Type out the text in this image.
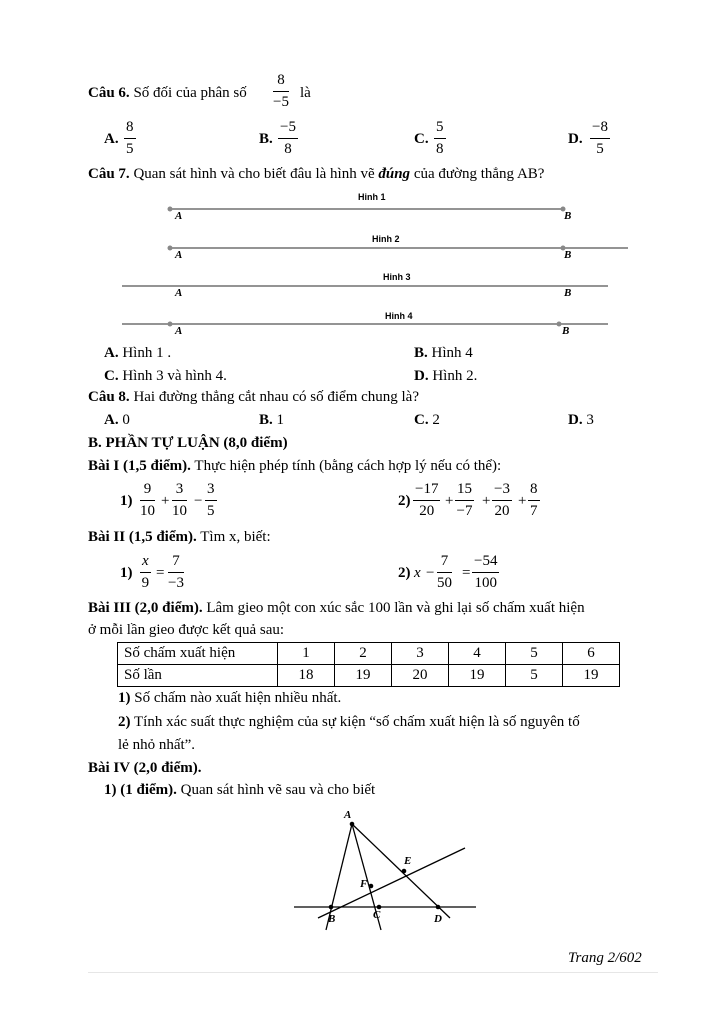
Câu 6. Số đối của phân số
8
−5
là
A.
8
5
B.
−5
8
C.
5
8
D.
−8
5
Câu 7. Quan sát hình và cho biết đâu là hình vẽ đúng của đường thẳng AB?
Hinh 1
A	B
Hinh 2
A	B
Hinh 3
A	B
Hinh 4
A	B
A. Hình 1 .	B. Hình 4
C. Hình 3 và hình 4.	D. Hình 2.
Câu 8. Hai đường thẳng cắt nhau có số điểm chung là?
A. 0	B. 1	C. 2	D. 3
B. PHẦN TỰ LUẬN (8,0 điểm)
Bài I (1,5 điểm). Thực hiện phép tính (bằng cách hợp lý nếu có thể):
1)
9
10
+
3
10
−
3
5
2)
−17
20
+
15
−7
+
−3
20
+
8
7
Bài II (1,5 điểm). Tìm x, biết:
1)
x
9
=
7
−3
2) x −
7
50
=
−54
100
Bài III (2,0 điểm). Lâm gieo một con xúc sắc 100 lần và ghi lại số chấm xuất hiện
ở mỗi lần gieo được kết quả sau:
Số chấm xuất hiện	1	2	3	4	5	6
Số lần	18	19	20	19	5	19
1) Số chấm nào xuất hiện nhiều nhất.
2) Tính xác suất thực nghiệm của sự kiện “số chấm xuất hiện là số nguyên tố
lẻ nhỏ nhất”.
Bài IV (2,0 điểm).
1) (1 điểm). Quan sát hình vẽ sau và cho biết
A
B	C	D
E
F
Trang 2/602
